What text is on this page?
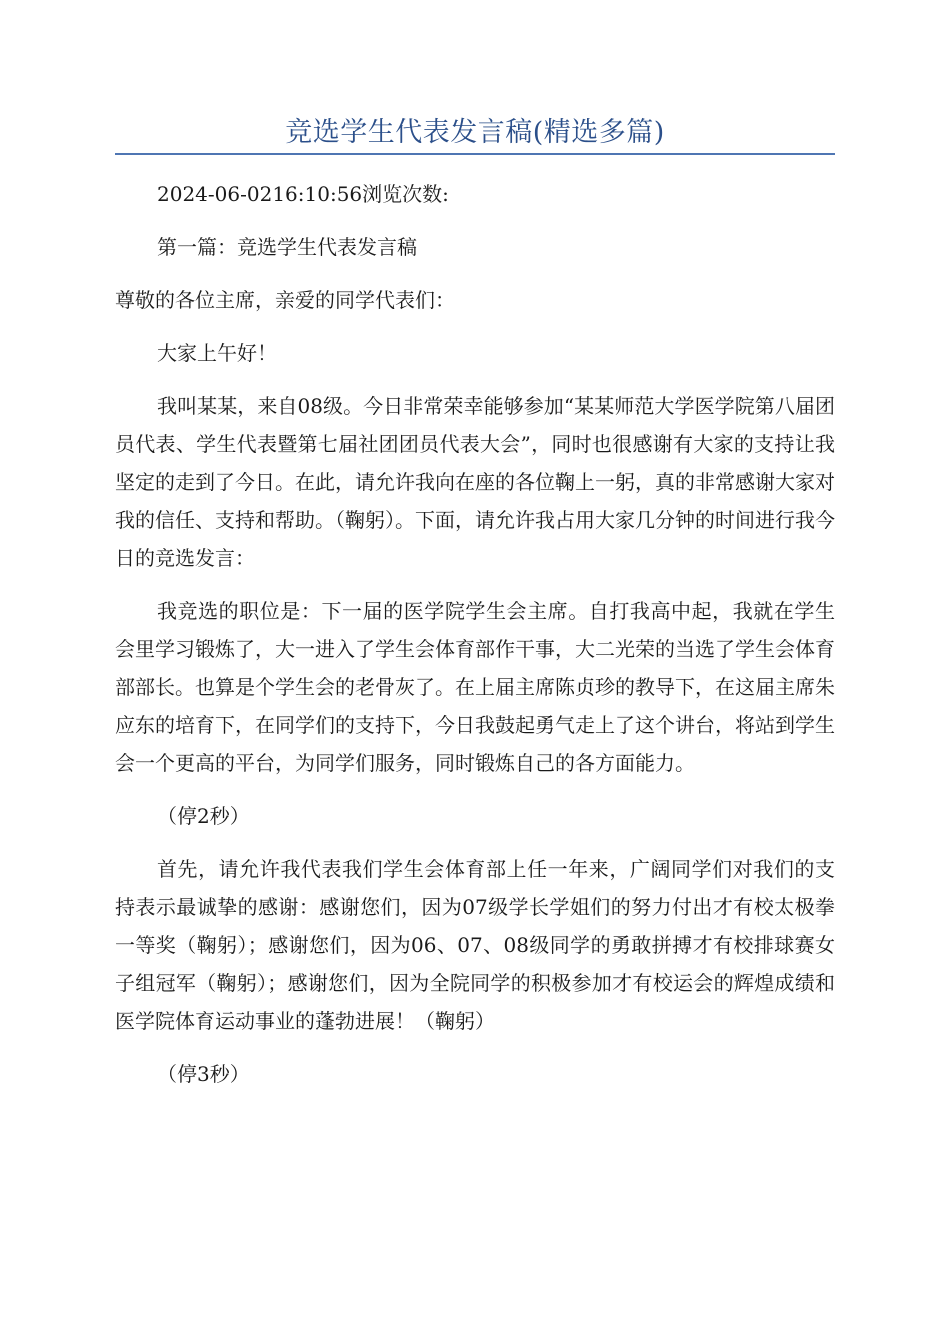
竞选学生代表发言稿(精选多篇)

2024-06-0216:10:56浏览次数:

第一篇：竞选学生代表发言稿

尊敬的各位主席，亲爱的同学代表们：

大家上午好！

我叫某某，来自08级。今日非常荣幸能够参加“某某师范大学医学院第八届团员代表、学生代表暨第七届社团团员代表大会”，同时也很感谢有大家的支持让我坚定的走到了今日。在此，请允许我向在座的各位鞠上一躬，真的非常感谢大家对我的信任、支持和帮助。（鞠躬）。下面，请允许我占用大家几分钟的时间进行我今日的竞选发言：

我竞选的职位是：下一届的医学院学生会主席。自打我高中起，我就在学生会里学习锻炼了，大一进入了学生会体育部作干事，大二光荣的当选了学生会体育部部长。也算是个学生会的老骨灰了。在上届主席陈贞珍的教导下，在这届主席朱应东的培育下，在同学们的支持下，今日我鼓起勇气走上了这个讲台，将站到学生会一个更高的平台，为同学们服务，同时锻炼自己的各方面能力。

（停2秒）

首先，请允许我代表我们学生会体育部上任一年来，广阔同学们对我们的支持表示最诚挚的感谢：感谢您们，因为07级学长学姐们的努力付出才有校太极拳一等奖（鞠躬）；感谢您们，因为06、07、08级同学的勇敢拼搏才有校排球赛女子组冠军（鞠躬）；感谢您们，因为全院同学的积极参加才有校运会的辉煌成绩和医学院体育运动事业的蓬勃进展！（鞠躬）

（停3秒）
